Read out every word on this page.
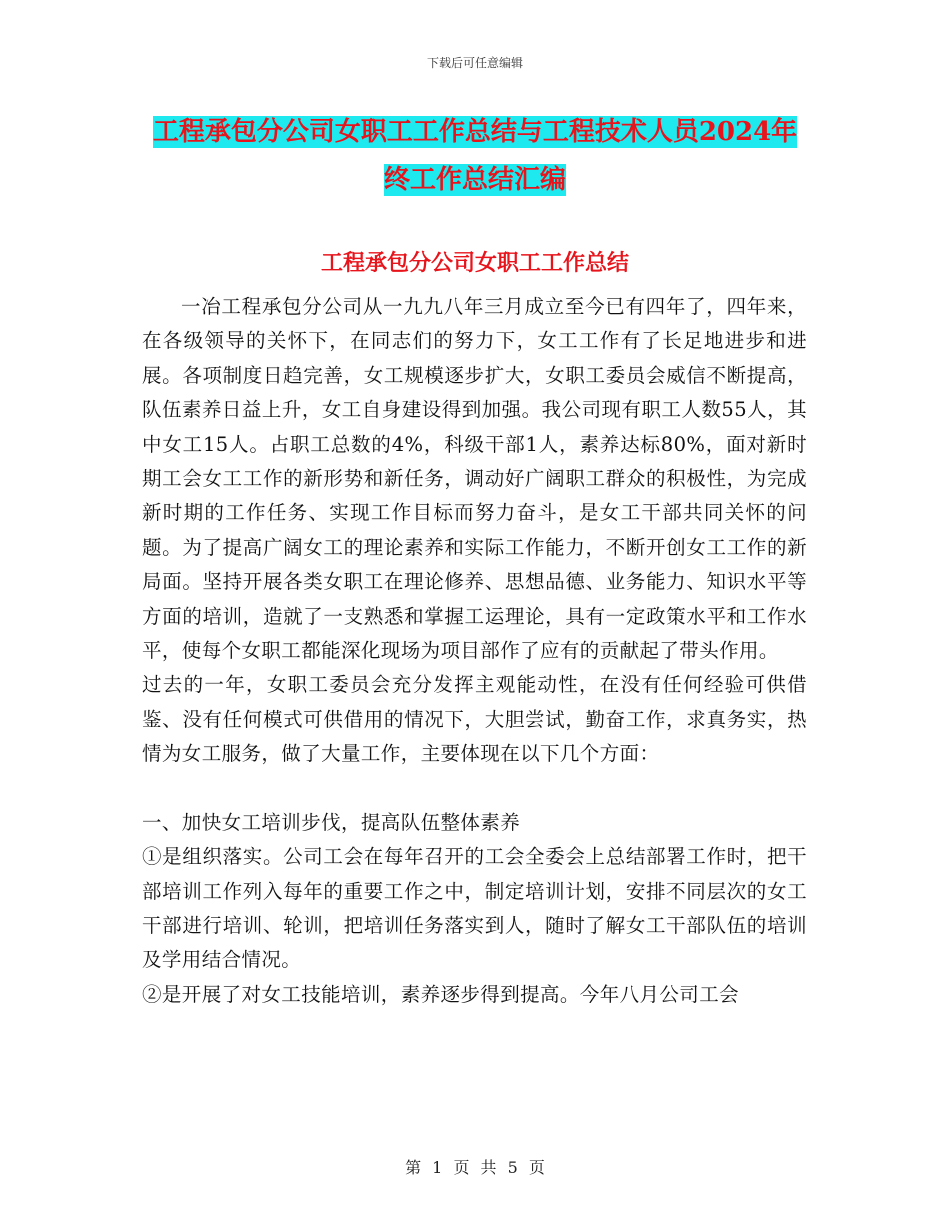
下载后可任意编辑
工程承包分公司女职工工作总结与工程技术人员2024年终工作总结汇编
工程承包分公司女职工工作总结

一冶工程承包分公司从一九九八年三月成立至今已有四年了，四年来，在各级领导的关怀下，在同志们的努力下，女工工作有了长足地进步和进展。各项制度日趋完善，女工规模逐步扩大，女职工委员会威信不断提高，队伍素养日益上升，女工自身建设得到加强。我公司现有职工人数55人，其中女工15人。占职工总数的4%，科级干部1人，素养达标80%，面对新时期工会女工工作的新形势和新任务，调动好广阔职工群众的积极性，为完成新时期的工作任务、实现工作目标而努力奋斗，是女工干部共同关怀的问题。为了提高广阔女工的理论素养和实际工作能力，不断开创女工工作的新局面。坚持开展各类女职工在理论修养、思想品德、业务能力、知识水平等方面的培训，造就了一支熟悉和掌握工运理论，具有一定政策水平和工作水平，使每个女职工都能深化现场为项目部作了应有的贡献起了带头作用。

过去的一年，女职工委员会充分发挥主观能动性，在没有任何经验可供借鉴、没有任何模式可供借用的情况下，大胆尝试，勤奋工作，求真务实，热情为女工服务，做了大量工作，主要体现在以下几个方面：

一、加快女工培训步伐，提高队伍整体素养

①是组织落实。公司工会在每年召开的工会全委会上总结部署工作时，把干部培训工作列入每年的重要工作之中，制定培训计划，安排不同层次的女工干部进行培训、轮训，把培训任务落实到人，随时了解女工干部队伍的培训及学用结合情况。

②是开展了对女工技能培训，素养逐步得到提高。今年八月公司工会

第 1 页 共 5 页
